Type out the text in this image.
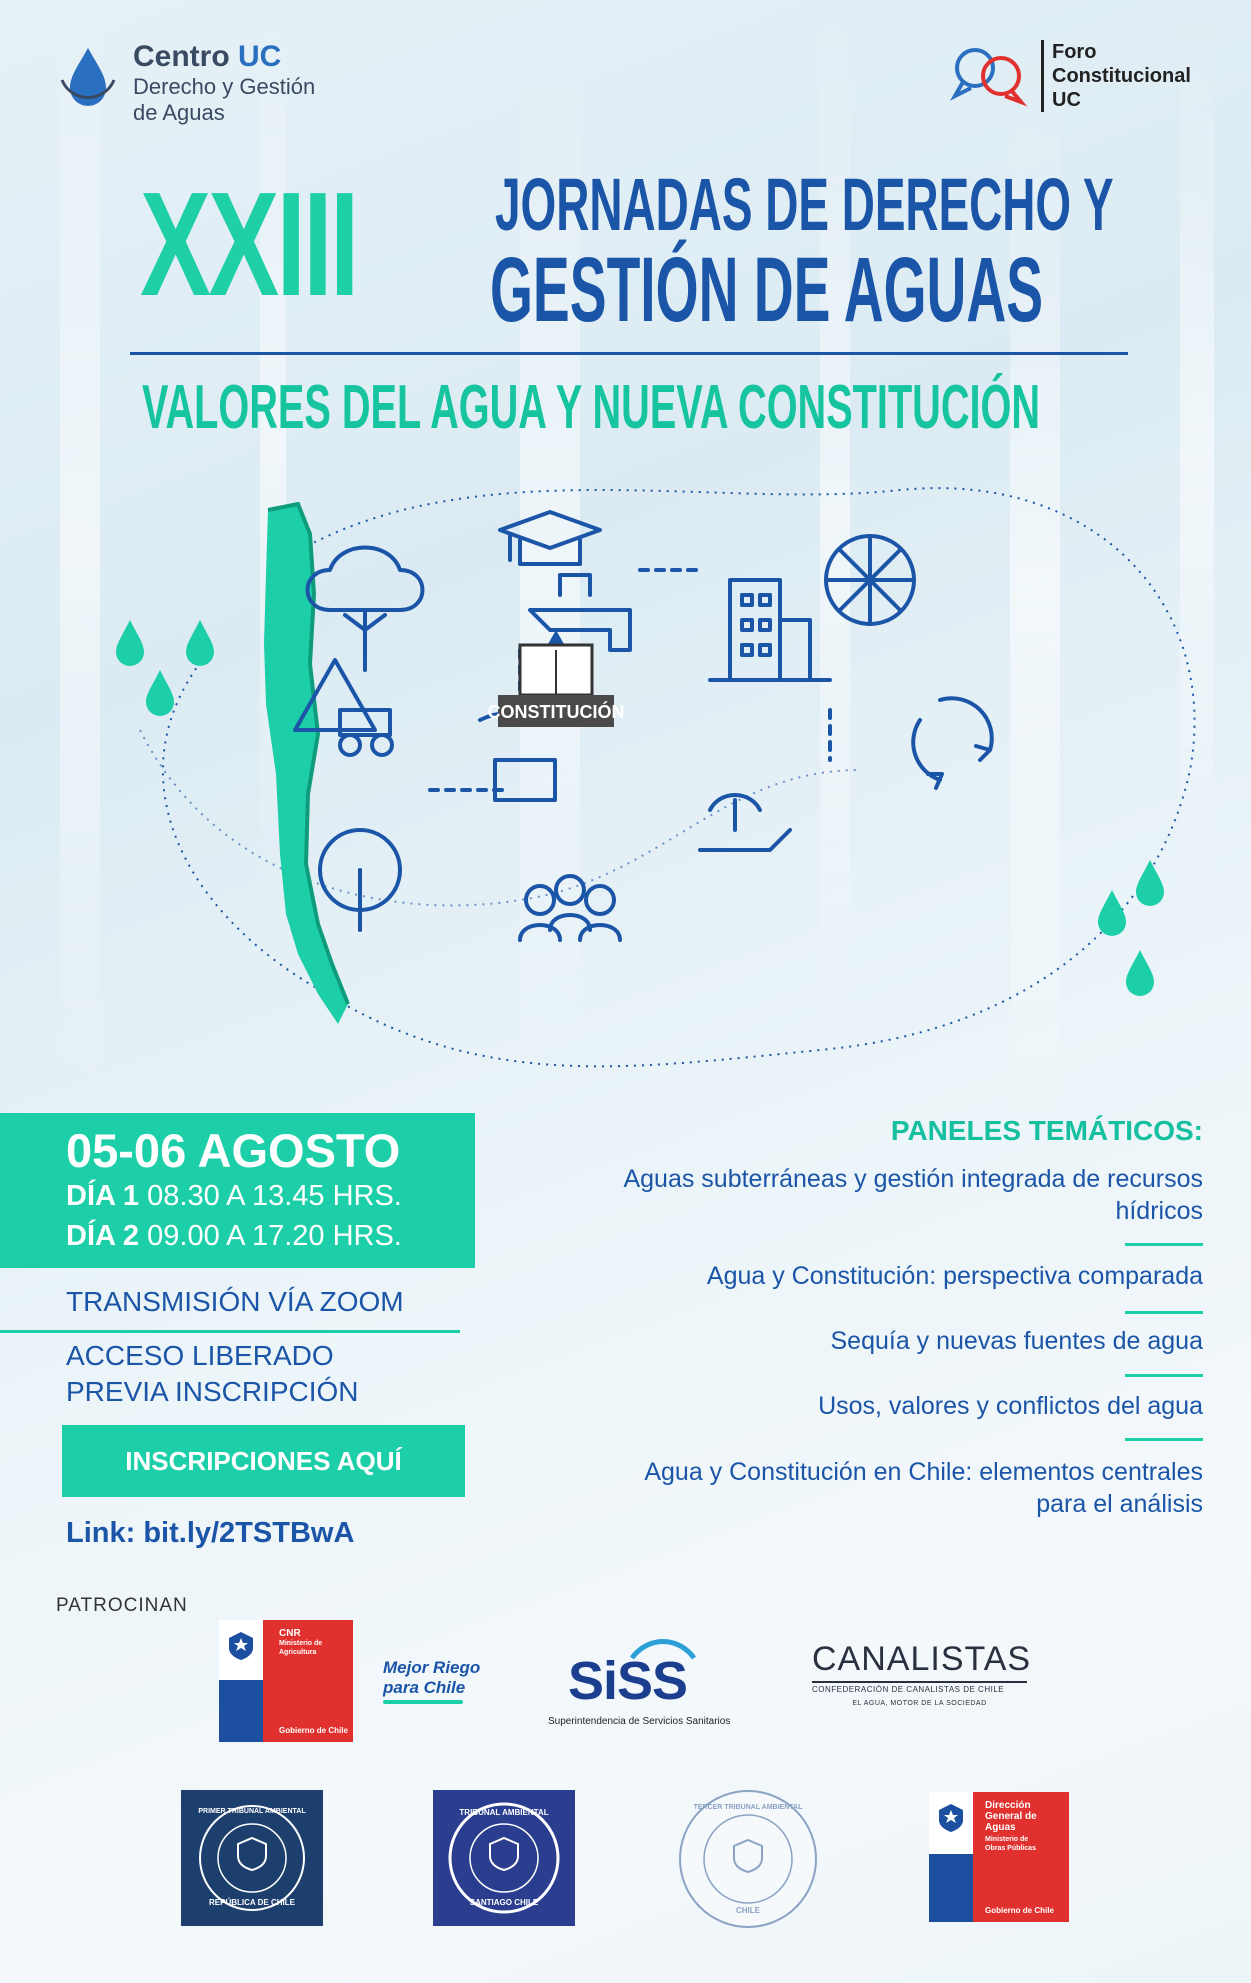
Centro UC
Derecho y Gestión
de Aguas
Foro
Constitucional
UC
XXIII JORNADAS DE DERECHO Y
GESTIÓN DE AGUAS
VALORES DEL AGUA Y NUEVA CONSTITUCIÓN
CONSTITUCIÓN
05-06 AGOSTO
DÍA 1 08.30 A 13.45 HRS.
DÍA 2 09.00 A 17.20 HRS.
TRANSMISIÓN VÍA ZOOM
ACCESO LIBERADO
PREVIA INSCRIPCIÓN
INSCRIPCIONES AQUÍ
Link: bit.ly/2TSTBwA
PANELES TEMÁTICOS:
Aguas subterráneas y gestión integrada de recursos hídricos
Agua y Constitución: perspectiva comparada
Sequía y nuevas fuentes de agua
Usos, valores y conflictos del agua
Agua y Constitución en Chile: elementos centrales para el análisis
PATROCINAN
CNR
Ministerio de
Agricultura
Gobierno de Chile
Mejor Riego
para Chile SiSS
Superintendencia de Servicios Sanitarios
CANALISTAS
CONFEDERACIÓN DE CANALISTAS DE CHILE
EL AGUA, MOTOR DE LA SOCIEDAD
PRIMER TRIBUNAL AMBIENTAL
REPÚBLICA DE CHILE
TRIBUNAL AMBIENTAL
SANTIAGO CHILE
TERCER TRIBUNAL AMBIENTAL
CHILE
Dirección
General de
Aguas
Ministerio de
Obras Públicas
Gobierno de Chile
